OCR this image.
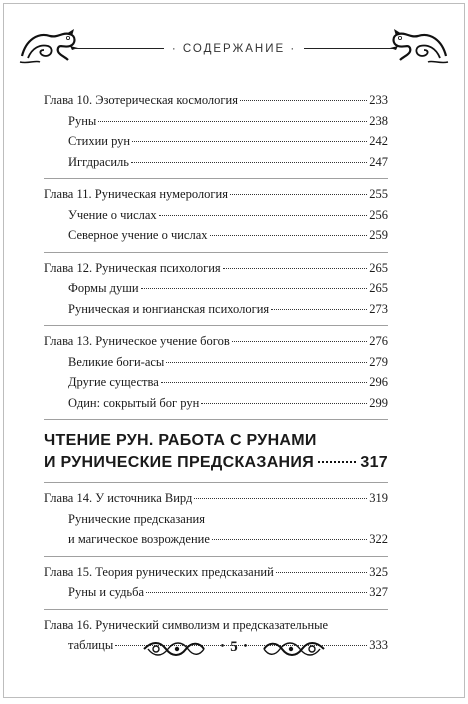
· СОДЕРЖАНИЕ ·
Глава 10. Эзотерическая космология	233
Руны	238
Стихии рун	242
Иггдрасиль	247
Глава 11. Руническая нумерология	255
Учение о числах	256
Северное учение о числах	259
Глава 12. Руническая психология	265
Формы души	265
Руническая и юнгианская психология	273
Глава 13. Руническое учение богов	276
Великие боги-асы	279
Другие существа	296
Один: сокрытый бог рун	299
ЧТЕНИЕ РУН. РАБОТА С РУНАМИ
И РУНИЧЕСКИЕ ПРЕДСКАЗАНИЯ	317
Глава 14. У источника Вирд	319
Рунические предсказания
и магическое возрождение	322
Глава 15. Теория рунических предсказаний	325
Руны и судьба	327
Глава 16. Рунический символизм и предсказательные
таблицы	333
• 5 •
